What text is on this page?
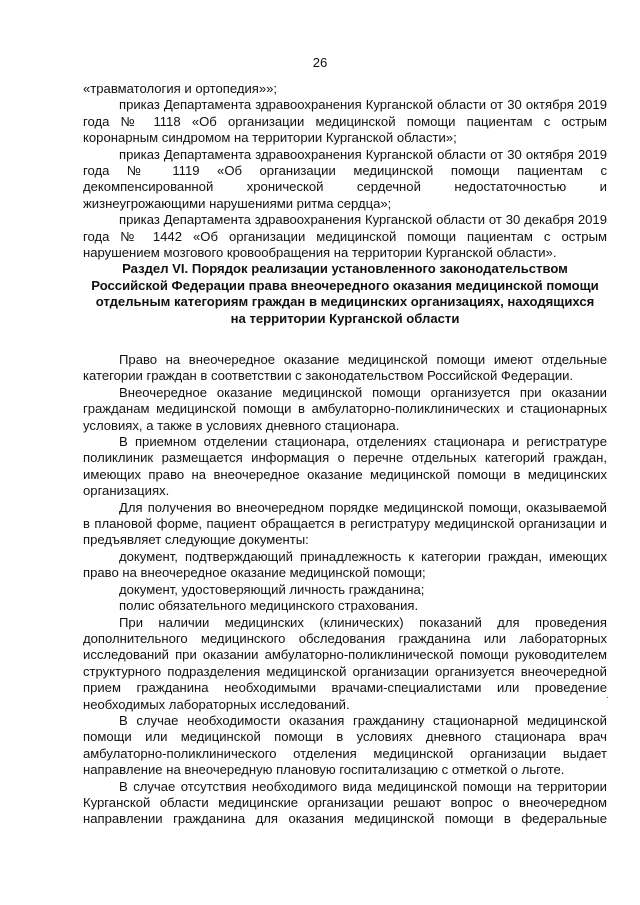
26

«травматология и ортопедия»»;

приказ Департамента здравоохранения Курганской области от 30 октября 2019 года № 1118 «Об организации медицинской помощи пациентам с острым коронарным синдромом на территории Курганской области»;

приказ Департамента здравоохранения Курганской области от 30 октября 2019 года № 1119 «Об организации медицинской помощи пациентам с декомпенсированной хронической сердечной недостаточностью и жизнеугрожающими нарушениями ритма сердца»;

приказ Департамента здравоохранения Курганской области от 30 декабря 2019 года № 1442 «Об организации медицинской помощи пациентам с острым нарушением мозгового кровообращения на территории Курганской области».

Раздел VI. Порядок реализации установленного законодательством
Российской Федерации права внеочередного оказания медицинской помощи
отдельным категориям граждан в медицинских организациях, находящихся
на территории Курганской области

Право на внеочередное оказание медицинской помощи имеют отдельные категории граждан в соответствии с законодательством Российской Федерации.

Внеочередное оказание медицинской помощи организуется при оказании гражданам медицинской помощи в амбулаторно-поликлинических и стационарных условиях, а также в условиях дневного стационара.

В приемном отделении стационара, отделениях стационара и регистратуре поликлиник размещается информация о перечне отдельных категорий граждан, имеющих право на внеочередное оказание медицинской помощи в медицинских организациях.

Для получения во внеочередном порядке медицинской помощи, оказываемой в плановой форме, пациент обращается в регистратуру медицинской организации и предъявляет следующие документы:

документ, подтверждающий принадлежность к категории граждан, имеющих право на внеочередное оказание медицинской помощи;

документ, удостоверяющий личность гражданина;

полис обязательного медицинского страхования.

При наличии медицинских (клинических) показаний для проведения дополнительного медицинского обследования гражданина или лабораторных исследований при оказании амбулаторно-поликлинической помощи руководителем структурного подразделения медицинской организации организуется внеочередной прием гражданина необходимыми врачами-специалистами или проведение необходимых лабораторных исследований.

В случае необходимости оказания гражданину стационарной медицинской помощи или медицинской помощи в условиях дневного стационара врач амбулаторно-поликлинического отделения медицинской организации выдает направление на внеочередную плановую госпитализацию с отметкой о льготе.

В случае отсутствия необходимого вида медицинской помощи на территории Курганской области медицинские организации решают вопрос о внеочередном направлении гражданина для оказания медицинской помощи в федеральные

.
